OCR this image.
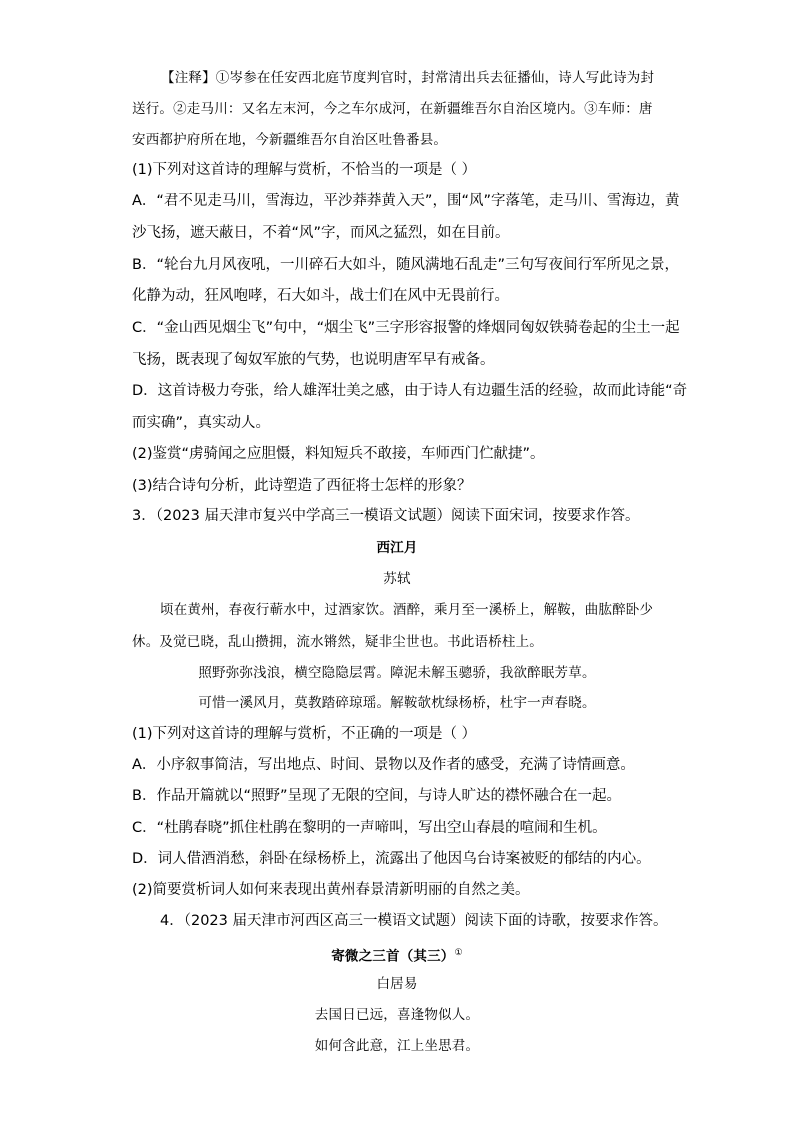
【注释】①岑参在任安西北庭节度判官时，封常清出兵去征播仙，诗人写此诗为封
送行。②走马川：又名左末河，今之车尔成河，在新疆维吾尔自治区境内。③车师：唐
安西都护府所在地，今新疆维吾尔自治区吐鲁番县。
(1)下列对这首诗的理解与赏析，不恰当的一项是（ ）
A．“君不见走马川，雪海边，平沙莽莽黄入天”，围“风”字落笔，走马川、雪海边，黄
沙飞扬，遮天蔽日，不着“风”字，而风之猛烈，如在目前。
B．“轮台九月风夜吼，一川碎石大如斗，随风满地石乱走”三句写夜间行军所见之景，
化静为动，狂风咆哮，石大如斗，战士们在风中无畏前行。
C．“金山西见烟尘飞”句中，“烟尘飞”三字形容报警的烽烟同匈奴铁骑卷起的尘土一起
飞扬，既表现了匈奴军旅的气势，也说明唐军早有戒备。
D．这首诗极力夸张，给人雄浑壮美之感，由于诗人有边疆生活的经验，故而此诗能“奇
而实确”，真实动人。
(2)鉴赏“虏骑闻之应胆慑，料知短兵不敢接，车师西门伫献捷”。
(3)结合诗句分析，此诗塑造了西征将士怎样的形象？
3．（2023 届天津市复兴中学高三一模语文试题）阅读下面宋词，按要求作答。
西江月
苏轼
顷在黄州，春夜行蕲水中，过酒家饮。酒醉，乘月至一溪桥上，解鞍，曲肱醉卧少
休。及觉已晓，乱山攒拥，流水锵然，疑非尘世也。书此语桥柱上。
照野弥弥浅浪，横空隐隐层霄。障泥未解玉骢骄，我欲醉眠芳草。
可惜一溪风月，莫教踏碎琼瑶。解鞍欹枕绿杨桥，杜宇一声春晓。
(1)下列对这首诗的理解与赏析，不正确的一项是（ ）
A．小序叙事简洁，写出地点、时间、景物以及作者的感受，充满了诗情画意。
B．作品开篇就以“照野”呈现了无限的空间，与诗人旷达的襟怀融合在一起。
C．“杜鹃春晓”抓住杜鹃在黎明的一声啼叫，写出空山春晨的喧闹和生机。
D．词人借酒消愁，斜卧在绿杨桥上，流露出了他因乌台诗案被贬的郁结的内心。
(2)简要赏析词人如何来表现出黄州春景清新明丽的自然之美。
4．（2023 届天津市河西区高三一模语文试题）阅读下面的诗歌，按要求作答。
寄微之三首（其三）①
白居易
去国日已远，喜逢物似人。
如何含此意，江上坐思君。
